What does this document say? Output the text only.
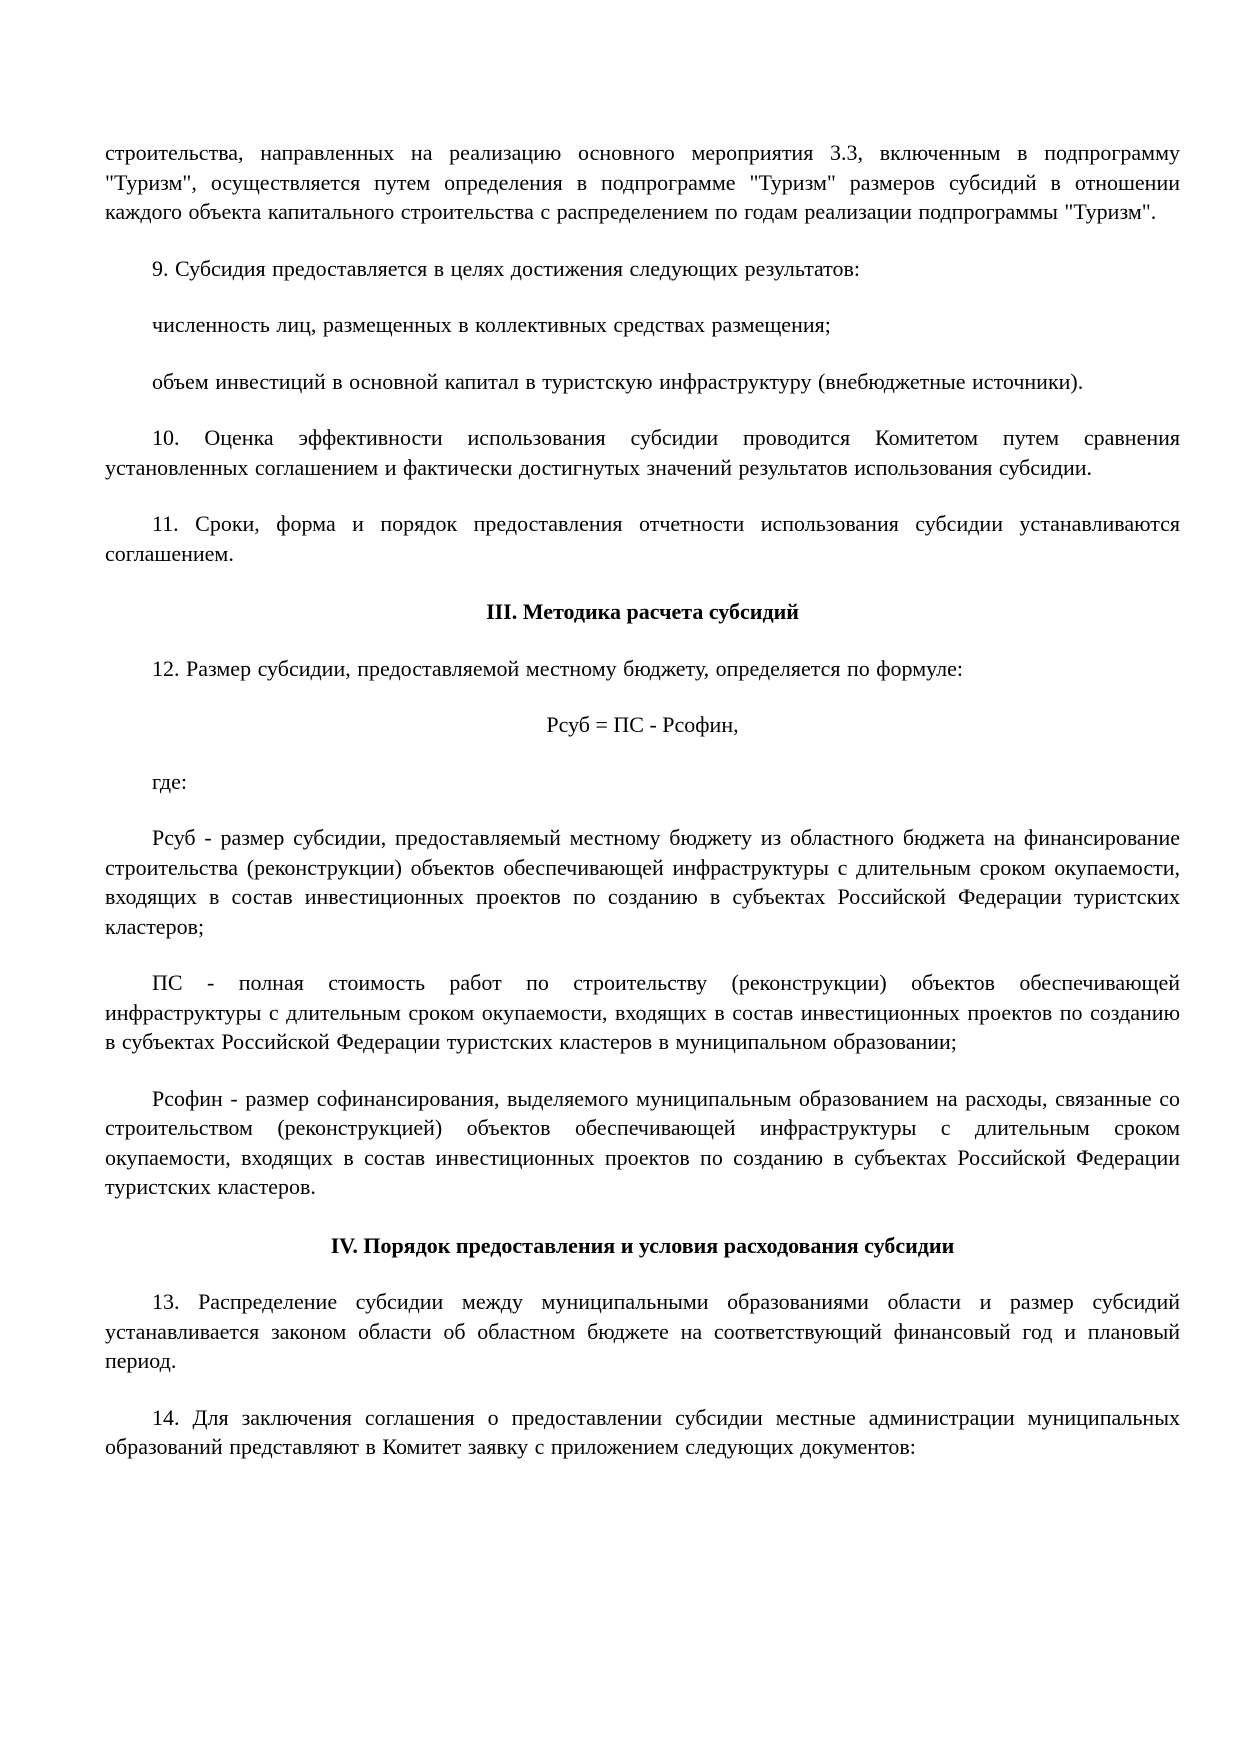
строительства, направленных на реализацию основного мероприятия 3.3, включенным в подпрограмму "Туризм", осуществляется путем определения в подпрограмме "Туризм" размеров субсидий в отношении каждого объекта капитального строительства с распределением по годам реализации подпрограммы "Туризм".

9. Субсидия предоставляется в целях достижения следующих результатов:

численность лиц, размещенных в коллективных средствах размещения;

объем инвестиций в основной капитал в туристскую инфраструктуру (внебюджетные источники).

10. Оценка эффективности использования субсидии проводится Комитетом путем сравнения установленных соглашением и фактически достигнутых значений результатов использования субсидии.

11. Сроки, форма и порядок предоставления отчетности использования субсидии устанавливаются соглашением.

III. Методика расчета субсидий

12. Размер субсидии, предоставляемой местному бюджету, определяется по формуле:

Рсуб = ПС - Рсофин,

где:

Рсуб - размер субсидии, предоставляемый местному бюджету из областного бюджета на финансирование строительства (реконструкции) объектов обеспечивающей инфраструктуры с длительным сроком окупаемости, входящих в состав инвестиционных проектов по созданию в субъектах Российской Федерации туристских кластеров;

ПС - полная стоимость работ по строительству (реконструкции) объектов обеспечивающей инфраструктуры с длительным сроком окупаемости, входящих в состав инвестиционных проектов по созданию в субъектах Российской Федерации туристских кластеров в муниципальном образовании;

Рсофин - размер софинансирования, выделяемого муниципальным образованием на расходы, связанные со строительством (реконструкцией) объектов обеспечивающей инфраструктуры с длительным сроком окупаемости, входящих в состав инвестиционных проектов по созданию в субъектах Российской Федерации туристских кластеров.

IV. Порядок предоставления и условия расходования субсидии

13. Распределение субсидии между муниципальными образованиями области и размер субсидий устанавливается законом области об областном бюджете на соответствующий финансовый год и плановый период.

14. Для заключения соглашения о предоставлении субсидии местные администрации муниципальных образований представляют в Комитет заявку с приложением следующих документов:
